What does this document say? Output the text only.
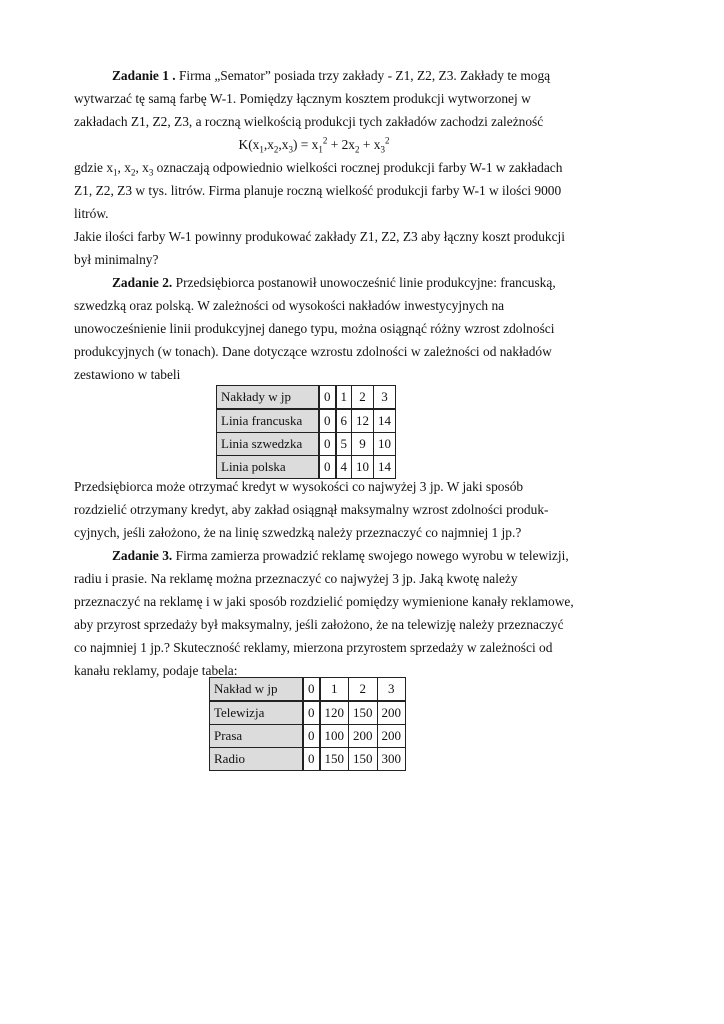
Zadanie 1 . Firma „Semator” posiada trzy zakłady - Z1, Z2, Z3. Zakłady te mogą
wytwarzać tę samą farbę W-1. Pomiędzy łącznym kosztem produkcji wytworzonej w
zakładach Z1, Z2, Z3, a roczną wielkością produkcji tych zakładów zachodzi zależność
$K(x_1,x_2,x_3) = x_1^2 + 2x_2 + x_3^2$
gdzie $x_1$, $x_2$, $x_3$ oznaczają odpowiednio wielkości rocznej produkcji farby W-1 w zakładach
Z1, Z2, Z3 w tys. litrów. Firma planuje roczną wielkość produkcji farby W-1 w ilości 9000
litrów.
Jakie ilości farby W-1 powinny produkować zakłady Z1, Z2, Z3 aby łączny koszt produkcji
był minimalny?

Zadanie 2. Przedsiębiorca postanowił unowocześnić linie produkcyjne: francuską,
szwedzką oraz polską. W zależności od wysokości nakładów inwestycyjnych na
unowocześnienie linii produkcyjnej danego typu, można osiągnąć różny wzrost zdolności
produkcyjnych (w tonach). Dane dotyczące wzrostu zdolności w zależności od nakładów
zestawiono w tabeli

Nakłady w jp	0	1	2	3
Linia francuska	0	6	12	14
Linia szwedzka	0	5	9	10
Linia polska	0	4	10	14

Przedsiębiorca może otrzymać kredyt w wysokości co najwyżej 3 jp. W jaki sposób
rozdzielić otrzymany kredyt, aby zakład osiągnął maksymalny wzrost zdolności produk-
cyjnych, jeśli założono, że na linię szwedzką należy przeznaczyć co najmniej 1 jp.?

Zadanie 3. Firma zamierza prowadzić reklamę swojego nowego wyrobu w telewizji,
radiu i prasie. Na reklamę można przeznaczyć co najwyżej 3 jp. Jaką kwotę należy
przeznaczyć na reklamę i w jaki sposób rozdzielić pomiędzy wymienione kanały reklamowe,
aby przyrost sprzedaży był maksymalny, jeśli założono, że na telewizję należy przeznaczyć
co najmniej 1 jp.? Skuteczność reklamy, mierzona przyrostem sprzedaży w zależności od
kanału reklamy, podaje tabela:

Nakład w jp	0	1	2	3
Telewizja	0	120	150	200
Prasa	0	100	200	200
Radio	0	150	150	300
